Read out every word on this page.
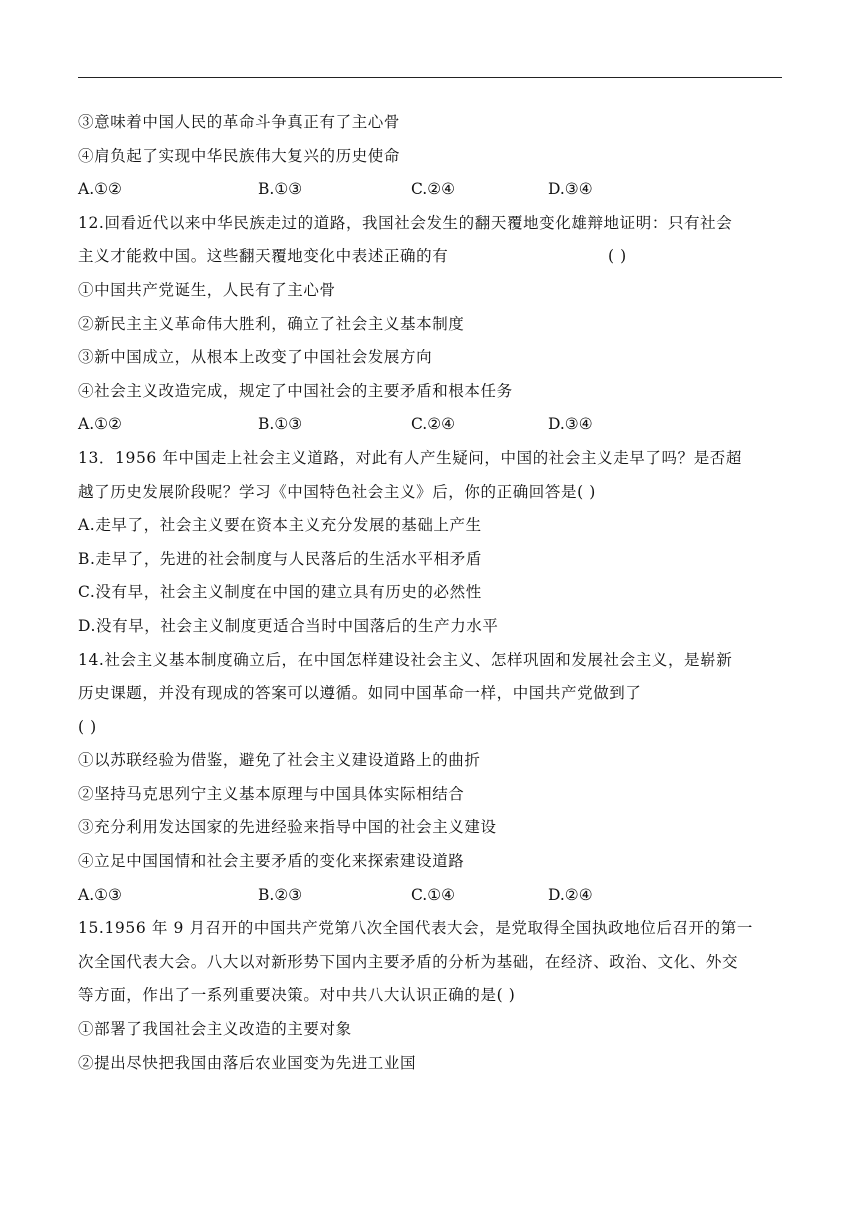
③意味着中国人民的革命斗争真正有了主心骨
④肩负起了实现中华民族伟大复兴的历史使命
A.①②	B.①③	C.②④	D.③④
12.回看近代以来中华民族走过的道路，我国社会发生的翻天覆地变化雄辩地证明：只有社会
主义才能救中国。这些翻天覆地变化中表述正确的有	( )
①中国共产党诞生，人民有了主心骨
②新民主主义革命伟大胜利，确立了社会主义基本制度
③新中国成立，从根本上改变了中国社会发展方向
④社会主义改造完成，规定了中国社会的主要矛盾和根本任务
A.①②	B.①③	C.②④	D.③④
13．1956 年中国走上社会主义道路，对此有人产生疑问，中国的社会主义走早了吗？是否超
越了历史发展阶段呢？学习《中国特色社会主义》后，你的正确回答是( )
A.走早了，社会主义要在资本主义充分发展的基础上产生
B.走早了，先进的社会制度与人民落后的生活水平相矛盾
C.没有早，社会主义制度在中国的建立具有历史的必然性
D.没有早，社会主义制度更适合当时中国落后的生产力水平
14.社会主义基本制度确立后，在中国怎样建设社会主义、怎样巩固和发展社会主义，是崭新
历史课题，并没有现成的答案可以遵循。如同中国革命一样，中国共产党做到了
( )
①以苏联经验为借鉴，避免了社会主义建设道路上的曲折
②坚持马克思列宁主义基本原理与中国具体实际相结合
③充分利用发达国家的先进经验来指导中国的社会主义建设
④立足中国国情和社会主要矛盾的变化来探索建设道路
A.①③	B.②③	C.①④	D.②④
15.1956 年 9 月召开的中国共产党第八次全国代表大会，是党取得全国执政地位后召开的第一
次全国代表大会。八大以对新形势下国内主要矛盾的分析为基础，在经济、政治、文化、外交
等方面，作出了一系列重要决策。对中共八大认识正确的是( )
①部署了我国社会主义改造的主要对象
②提出尽快把我国由落后农业国变为先进工业国
